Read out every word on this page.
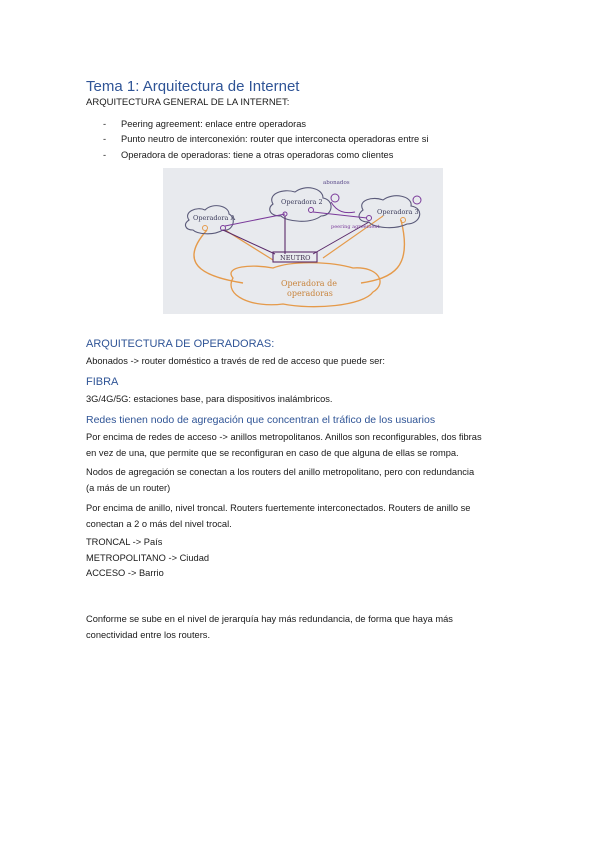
Tema 1: Arquitectura de Internet
ARQUITECTURA GENERAL DE LA INTERNET:
- Peering agreement: enlace entre operadoras
- Punto neutro de interconexión: router que interconecta operadoras entre si
- Operadora de operadoras: tiene a otras operadoras como clientes
Operadora de
operadoras
Operadora A
Operadora 2
abonados
Operadora 3
peering agreement
NEUTRO
ARQUITECTURA DE OPERADORAS:
Abonados -> router doméstico a través de red de acceso que puede ser:
FIBRA
3G/4G/5G: estaciones base, para dispositivos inalámbricos.
Redes tienen nodo de agregación que concentran el tráfico de los usuarios
Por encima de redes de acceso -> anillos metropolitanos. Anillos son reconfigurables, dos fibras
en vez de una, que permite que se reconfiguran en caso de que alguna de ellas se rompa.
Nodos de agregación se conectan a los routers del anillo metropolitano, pero con redundancia
(a más de un router)
Por encima de anillo, nivel troncal. Routers fuertemente interconectados. Routers de anillo se
conectan a 2 o más del nivel trocal.
TRONCAL -> País
METROPOLITANO -> Ciudad
ACCESO -> Barrio
Conforme se sube en el nivel de jerarquía hay más redundancia, de forma que haya más
conectividad entre los routers.
